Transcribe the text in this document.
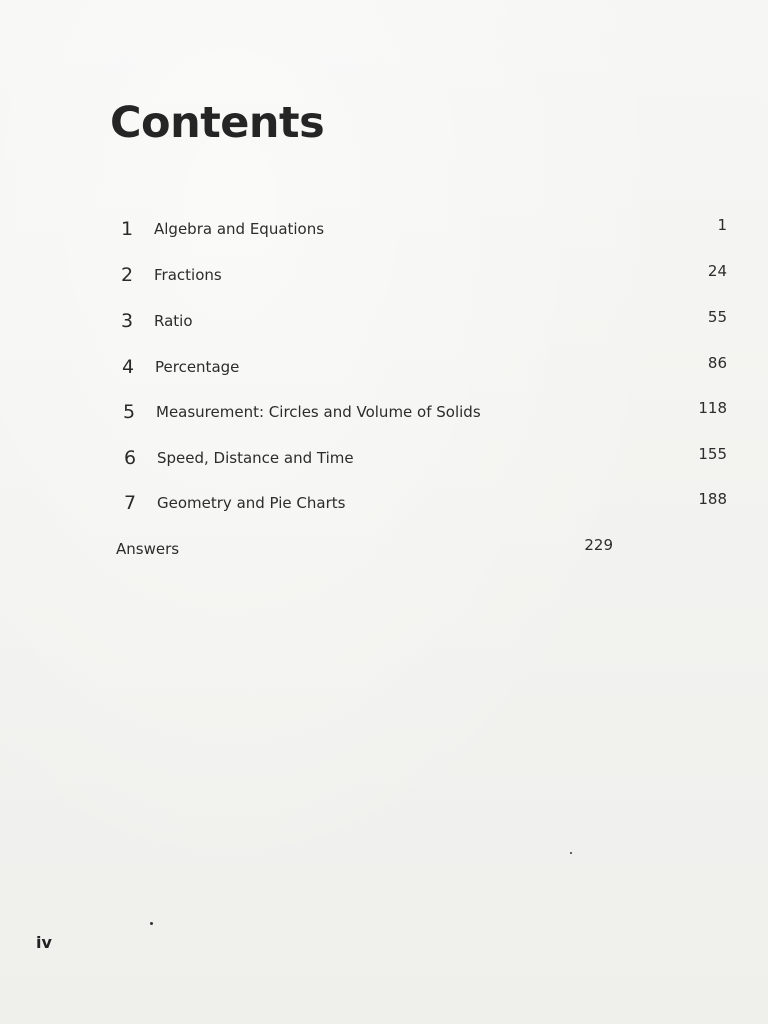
Contents
1	Algebra and Equations	1
2	Fractions	24
3	Ratio	55
4	Percentage	86
5	Measurement: Circles and Volume of Solids	118
6	Speed, Distance and Time	155
7	Geometry and Pie Charts	188
Answers	229
iv
